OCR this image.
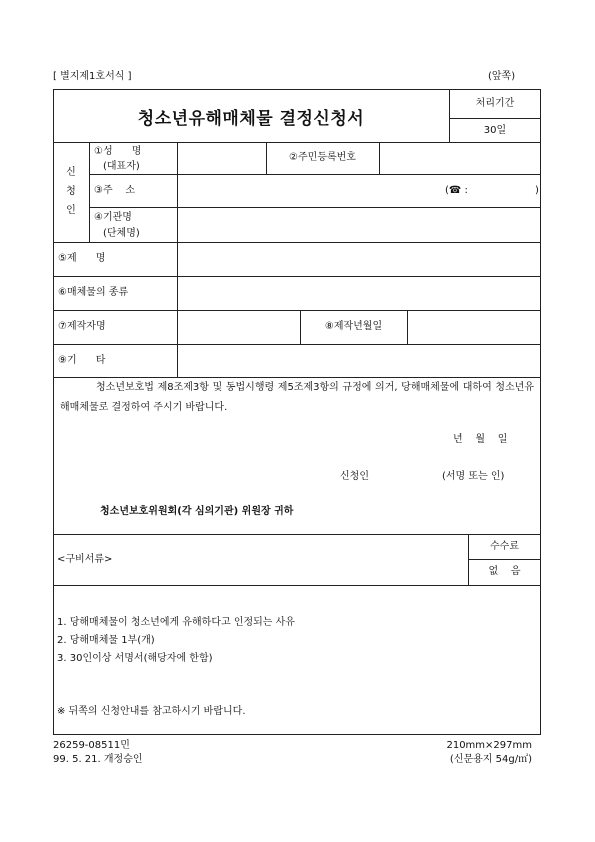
[ 별지제1호서식 ]	(앞쪽)
청소년유해매체물 결정신청서
처리기간
30일
신
청
인
①성      명
(대표자)
②주민등록번호
③주    소	(☎ :	)
④기관명
(단체명)
⑤제      명
⑥매체물의 종류
⑦제작자명	⑧제작년월일
⑨기      타
청소년보호법 제8조제3항 및 동법시행령 제5조제3항의 규정에 의거, 당해매체물에 대하여 청소년유해매체물로 결정하여 주시기 바랍니다.
년    월    일
신청인	(서명 또는 인)
청소년보호위원회(각 심의기관) 위원장 귀하
<구비서류>
수수료
없    음
1. 당해매체물이 청소년에게 유해하다고 인정되는 사유
2. 당해매체물 1부(개)
3. 30인이상 서명서(해당자에 한함)
※ 뒤쪽의 신청안내를 참고하시기 바랍니다.
26259-08511민
99. 5. 21. 개정승인
210mm×297mm
(신문용지 54g/㎡)
